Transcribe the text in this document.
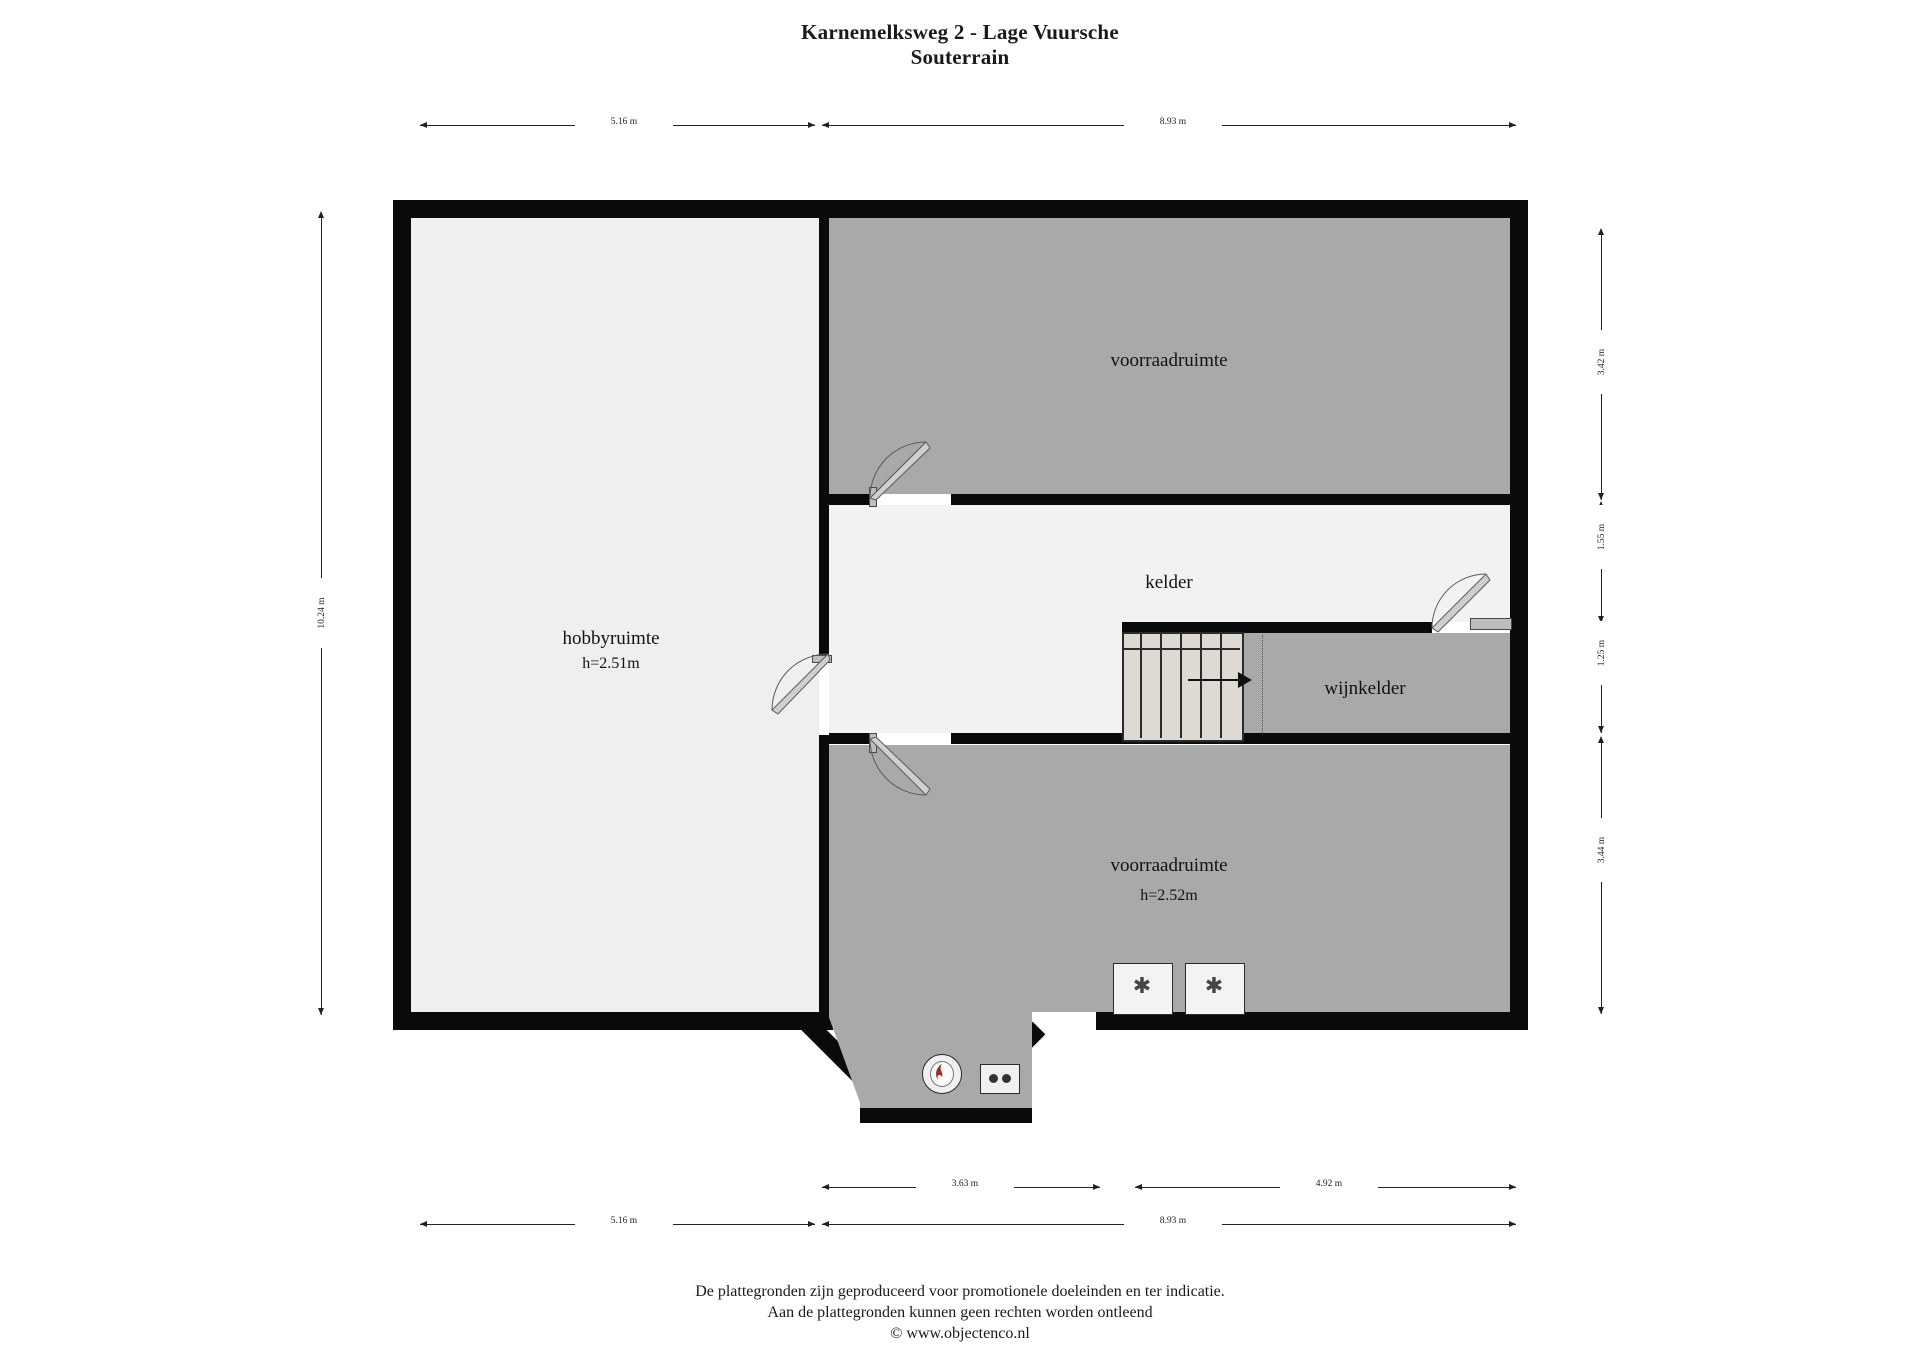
Karnemelksweg 2 - Lage Vuursche
Souterrain
5.16 m	8.93 m
10.24 m
3.42 m
1.55 m
1.25 m
3.44 m
✱	✱
hobbyruimte
h=2.51m
voorraadruimte
kelder
wijnkelder
voorraadruimte
h=2.52m
3.63 m	4.92 m
5.16 m	8.93 m
De plattegronden zijn geproduceerd voor promotionele doeleinden en ter indicatie.
Aan de plattegronden kunnen geen rechten worden ontleend
© www.objectenco.nl
